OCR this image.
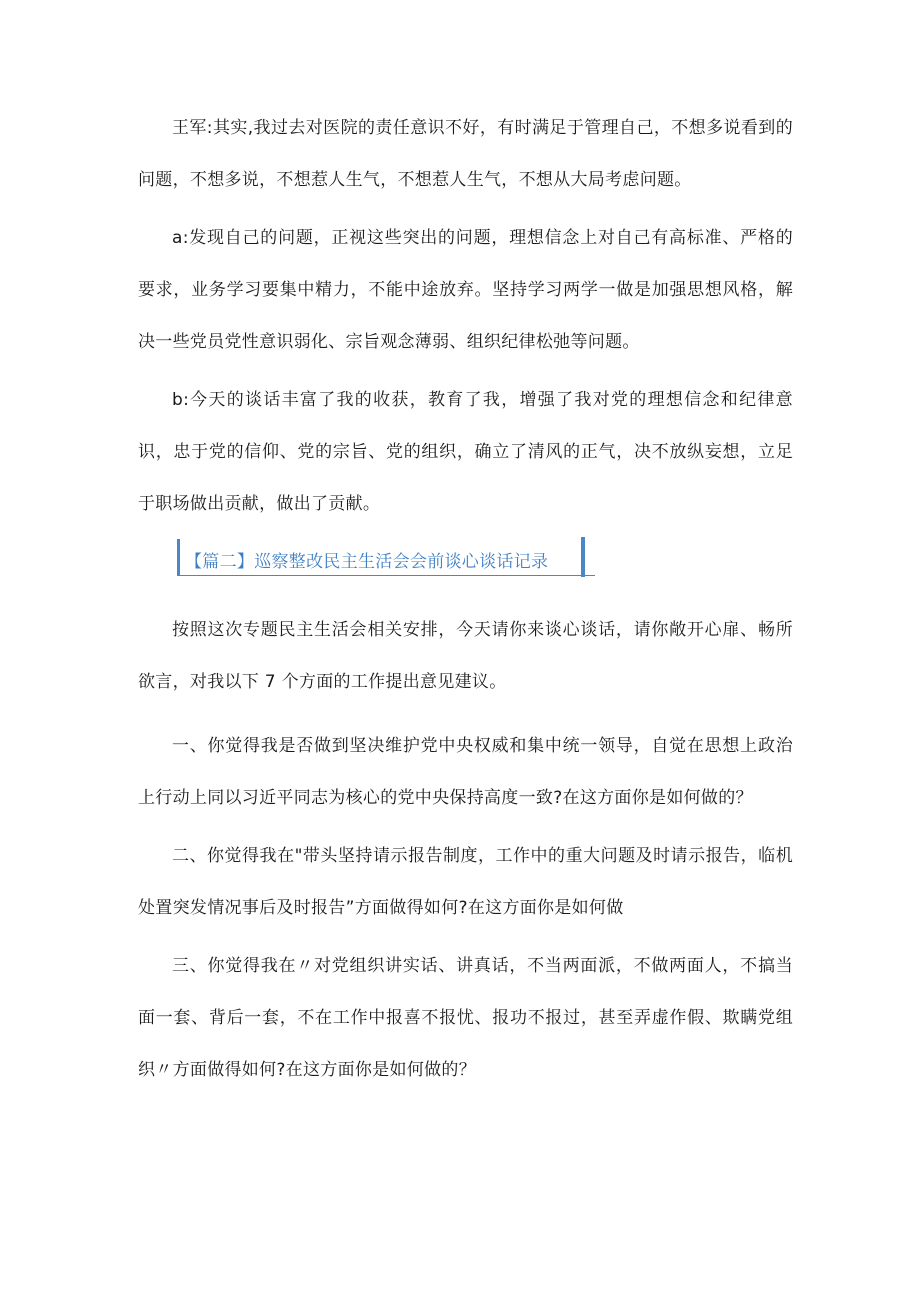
王军:其实,我过去对医院的责任意识不好，有时满足于管理自己，不想多说看到的问题，不想多说，不想惹人生气，不想惹人生气，不想从大局考虑问题。

a:发现自己的问题，正视这些突出的问题，理想信念上对自己有高标准、严格的要求，业务学习要集中精力，不能中途放弃。坚持学习两学一做是加强思想风格，解决一些党员党性意识弱化、宗旨观念薄弱、组织纪律松弛等问题。

b:今天的谈话丰富了我的收获，教育了我，增强了我对党的理想信念和纪律意识，忠于党的信仰、党的宗旨、党的组织，确立了清风的正气，决不放纵妄想，立足于职场做出贡献，做出了贡献。

【篇二】巡察整改民主生活会会前谈心谈话记录

按照这次专题民主生活会相关安排，今天请你来谈心谈话，请你敞开心扉、畅所欲言，对我以下 7 个方面的工作提出意见建议。

一、你觉得我是否做到坚决维护党中央权威和集中统一领导，自觉在思想上政治上行动上同以习近平同志为核心的党中央保持高度一致?在这方面你是如何做的？

二、你觉得我在"带头坚持请示报告制度，工作中的重大问题及时请示报告，临机处置突发情况事后及时报告”方面做得如何?在这方面你是如何做

三、你觉得我在〃对党组织讲实话、讲真话，不当两面派，不做两面人，不搞当面一套、背后一套，不在工作中报喜不报忧、报功不报过，甚至弄虚作假、欺瞒党组织〃方面做得如何?在这方面你是如何做的？
